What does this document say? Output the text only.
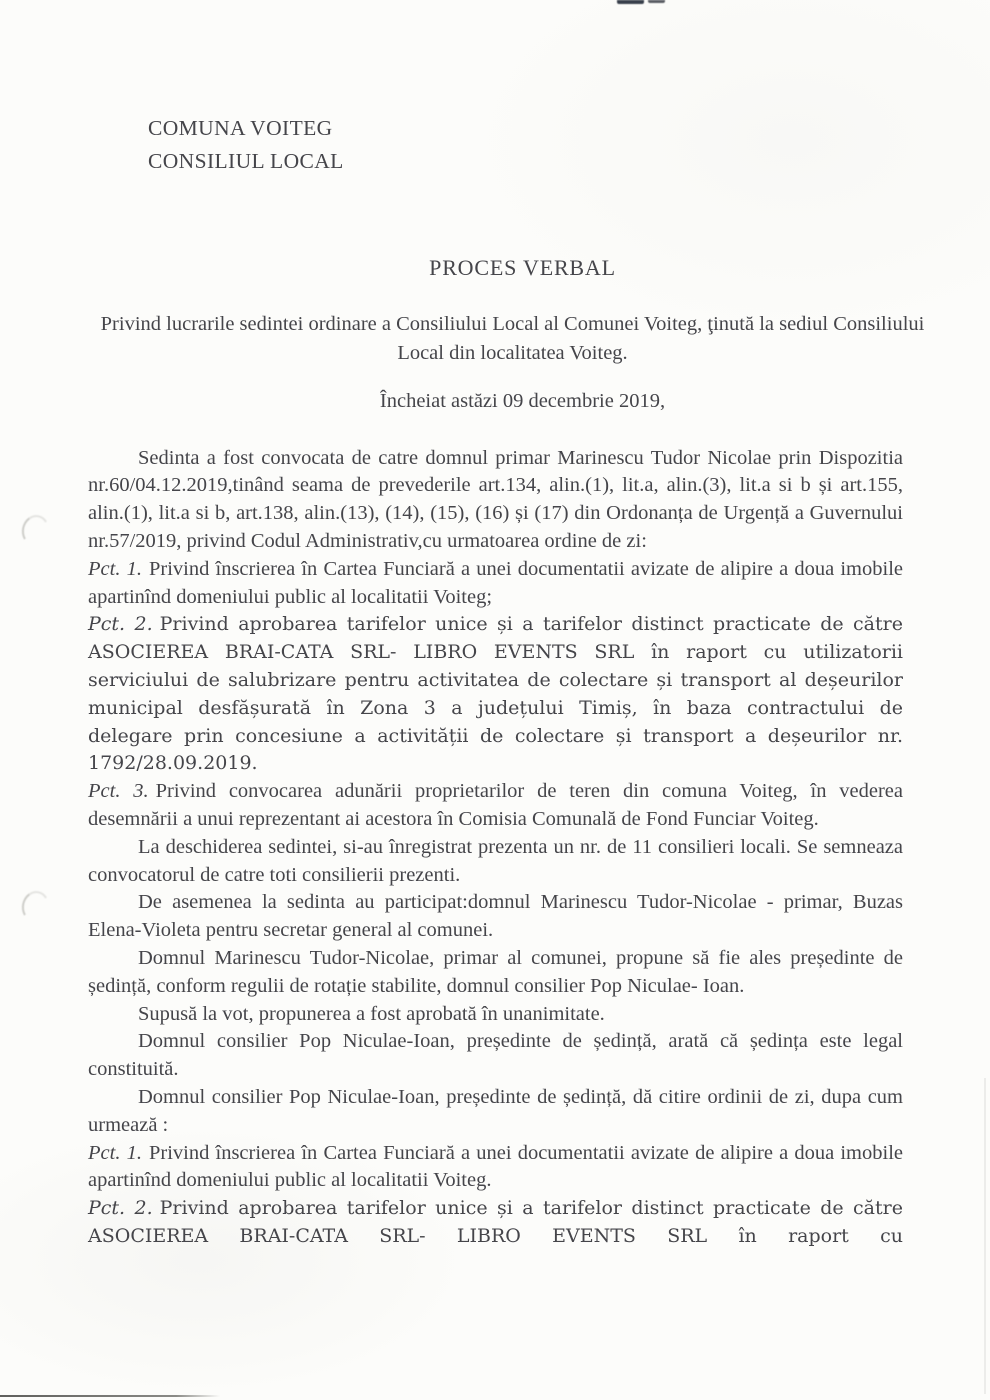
COMUNA VOITEG
CONSILIUL LOCAL
PROCES VERBAL
Privind lucrarile sedintei ordinare a Consiliului Local al Comunei Voiteg, ţinută la sediul Consiliului Local din localitatea Voiteg.
Încheiat astăzi 09 decembrie 2019,

Sedinta a fost convocata de catre domnul primar Marinescu Tudor Nicolae prin Dispozitia nr.60/04.12.2019,tinând seama de prevederile art.134, alin.(1), lit.a, alin.(3), lit.a si b și art.155, alin.(1), lit.a si b, art.138, alin.(13), (14), (15), (16) și (17) din Ordonanța de Urgență a Guvernului nr.57/2019, privind Codul Administrativ,cu urmatoarea ordine de zi:

Pct. 1. Privind înscrierea în Cartea Funciară a unei documentatii avizate de alipire a doua imobile apartinînd domeniului public al localitatii Voiteg;

Pct. 2. Privind aprobarea tarifelor unice și a tarifelor distinct practicate de către ASOCIEREA BRAI-CATA SRL- LIBRO EVENTS SRL în raport cu utilizatorii serviciului de salubrizare pentru activitatea de colectare și transport al deșeurilor municipal desfășurată în Zona 3 a județului Timiș, în baza contractului de delegare prin concesiune a activității de colectare și transport a deșeurilor nr. 1792/28.09.2019.

Pct. 3. Privind convocarea adunării proprietarilor de teren din comuna Voiteg, în vederea desemnării a unui reprezentant ai acestora în Comisia Comunală de Fond Funciar Voiteg.

La deschiderea sedintei, si-au înregistrat prezenta un nr. de 11 consilieri locali. Se semneaza convocatorul de catre toti consilierii prezenti.

De asemenea la sedinta au participat:domnul Marinescu Tudor-Nicolae - primar, Buzas Elena-Violeta pentru secretar general al comunei.

Domnul Marinescu Tudor-Nicolae, primar al comunei, propune să fie ales președinte de ședință, conform regulii de rotație stabilite, domnul consilier Pop Niculae- Ioan.

Supusă la vot, propunerea a fost aprobată în unanimitate.

Domnul consilier Pop Niculae-Ioan, președinte de ședință, arată că ședința este legal constituită.

Domnul consilier Pop Niculae-Ioan, președinte de ședință, dă citire ordinii de zi, dupa cum urmează :

Pct. 1. Privind înscrierea în Cartea Funciară a unei documentatii avizate de alipire a doua imobile apartinînd domeniului public al localitatii Voiteg.

Pct. 2. Privind aprobarea tarifelor unice și a tarifelor distinct practicate de către ASOCIEREA BRAI-CATA SRL- LIBRO EVENTS SRL în raport cu
